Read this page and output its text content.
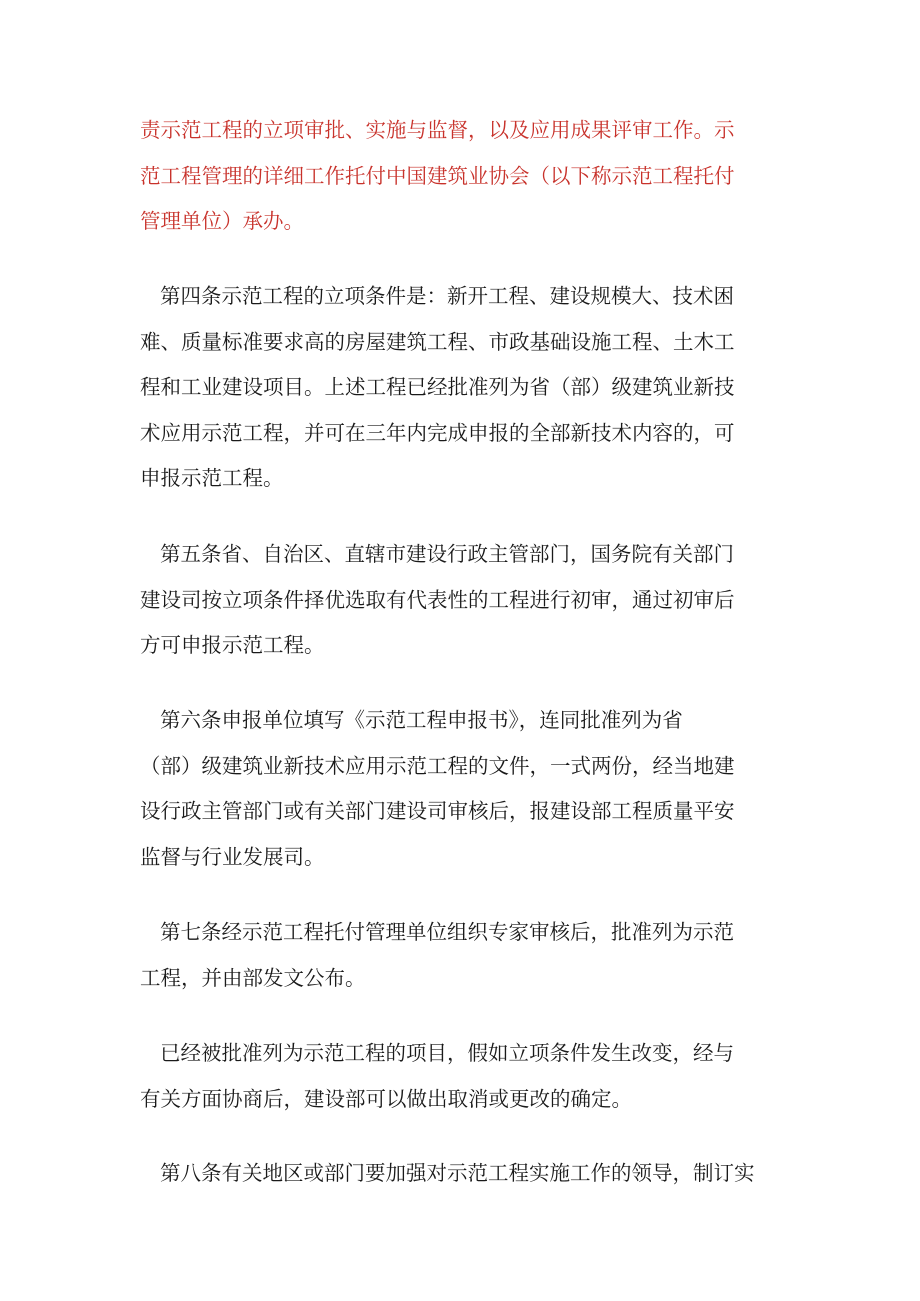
责示范工程的立项审批、实施与监督，以及应用成果评审工作。示
范工程管理的详细工作托付中国建筑业协会（以下称示范工程托付
管理单位）承办。
第四条示范工程的立项条件是：新开工程、建设规模大、技术困
难、质量标准要求高的房屋建筑工程、市政基础设施工程、土木工
程和工业建设项目。上述工程已经批准列为省（部）级建筑业新技
术应用示范工程，并可在三年内完成申报的全部新技术内容的，可
申报示范工程。
第五条省、自治区、直辖市建设行政主管部门，国务院有关部门
建设司按立项条件择优选取有代表性的工程进行初审，通过初审后
方可申报示范工程。
第六条申报单位填写《示范工程申报书》，连同批准列为省
（部）级建筑业新技术应用示范工程的文件，一式两份，经当地建
设行政主管部门或有关部门建设司审核后，报建设部工程质量平安
监督与行业发展司。
第七条经示范工程托付管理单位组织专家审核后，批准列为示范
工程，并由部发文公布。
已经被批准列为示范工程的项目，假如立项条件发生改变，经与
有关方面协商后，建设部可以做出取消或更改的确定。
第八条有关地区或部门要加强对示范工程实施工作的领导，制订实
